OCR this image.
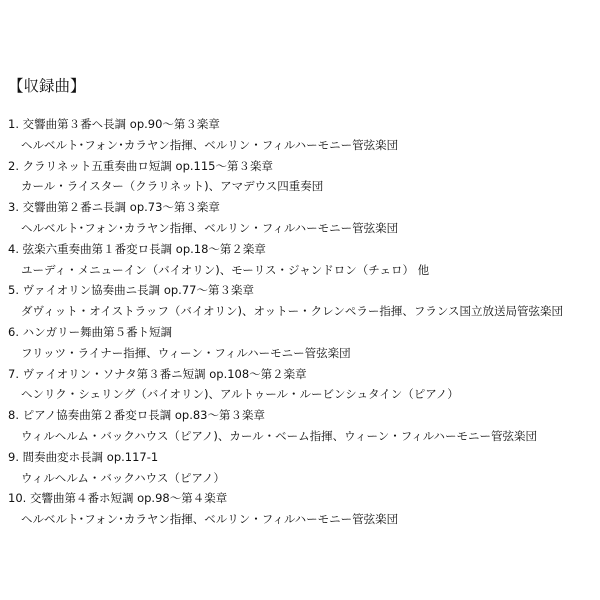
【収録曲】
1. 交響曲第３番ヘ長調 op.90～第３楽章
ヘルベルト･フォン･カラヤン指揮、ベルリン・フィルハーモニー管弦楽団
2. クラリネット五重奏曲ロ短調 op.115～第３楽章
カール・ライスター（クラリネット)、アマデウス四重奏団
3. 交響曲第２番ニ長調 op.73～第３楽章
ヘルベルト･フォン･カラヤン指揮、ベルリン・フィルハーモニー管弦楽団
4. 弦楽六重奏曲第１番変ロ長調 op.18～第２楽章
ユーディ・メニューイン（バイオリン)、モーリス・ジャンドロン（チェロ） 他
5. ヴァイオリン協奏曲ニ長調 op.77～第３楽章
ダヴィット・オイストラッフ（バイオリン)、オットー・クレンペラー指揮、フランス国立放送局管弦楽団
6. ハンガリー舞曲第５番ト短調
フリッツ・ライナー指揮、ウィーン・フィルハーモニー管弦楽団
7. ヴァイオリン・ソナタ第３番ニ短調 op.108～第２楽章
ヘンリク・シェリング（バイオリン)、アルトゥール・ルービンシュタイン（ピアノ）
8. ピアノ協奏曲第２番変ロ長調 op.83～第３楽章
ウィルヘルム・バックハウス（ピアノ)、カール・ベーム指揮、ウィーン・フィルハーモニー管弦楽団
9. 間奏曲変ホ長調 op.117-1
ウィルヘルム・バックハウス（ピアノ）
10. 交響曲第４番ホ短調 op.98～第４楽章
ヘルベルト･フォン･カラヤン指揮、ベルリン・フィルハーモニー管弦楽団
